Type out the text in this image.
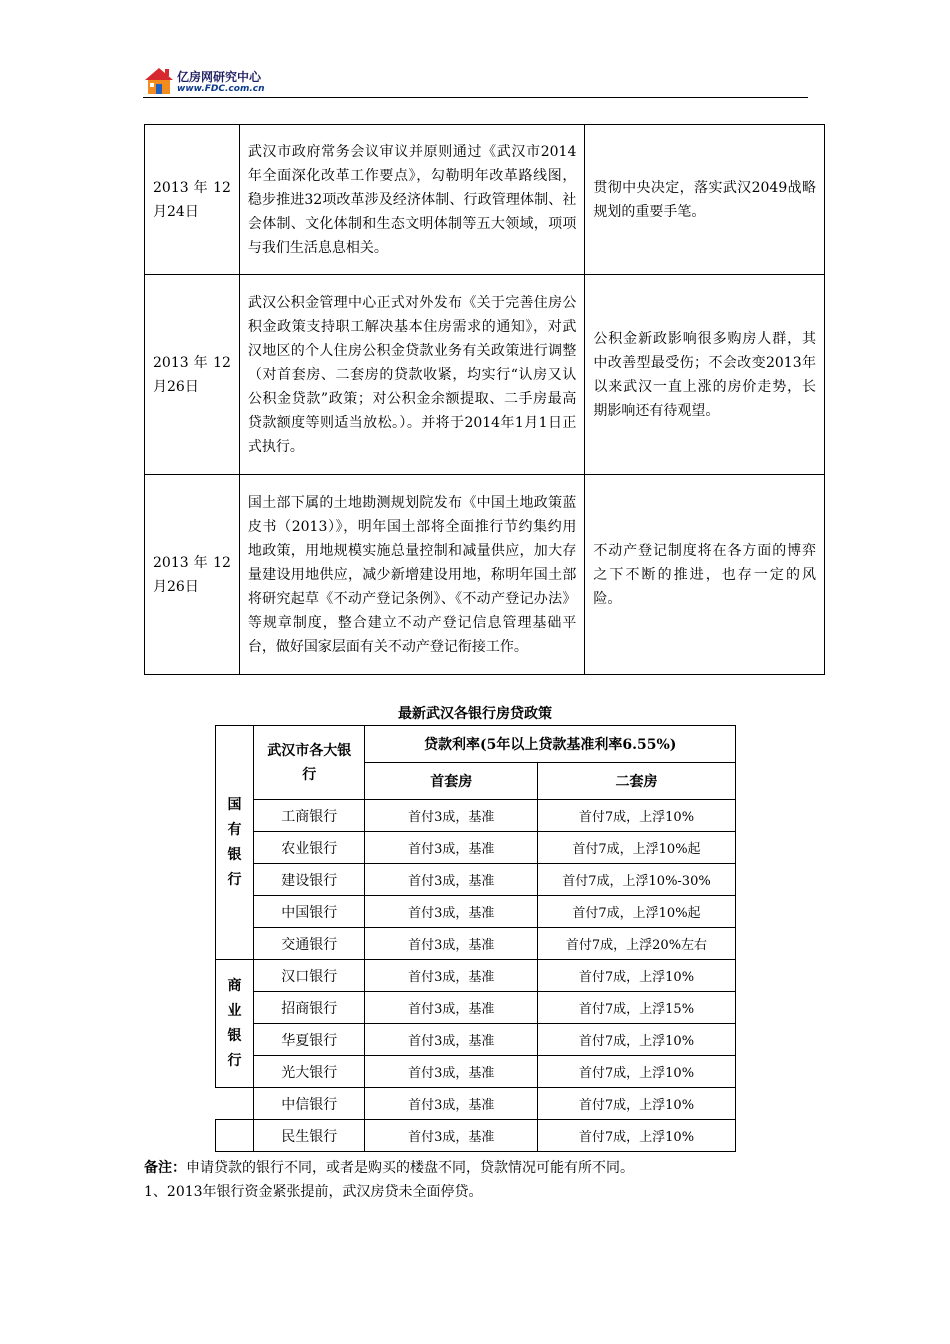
亿房网研究中心
www.FDC.com.cn
2013 年 12 月24日	武汉市政府常务会议审议并原则通过《武汉市2014年全面深化改革工作要点》，勾勒明年改革路线图，稳步推进32项改革涉及经济体制、行政管理体制、社会体制、文化体制和生态文明体制等五大领域，项项与我们生活息息相关。	贯彻中央决定，落实武汉2049战略规划的重要手笔。
2013 年 12 月26日	武汉公积金管理中心正式对外发布《关于完善住房公积金政策支持职工解决基本住房需求的通知》，对武汉地区的个人住房公积金贷款业务有关政策进行调整（对首套房、二套房的贷款收紧，均实行“认房又认公积金贷款”政策；对公积金余额提取、二手房最高贷款额度等则适当放松。）。并将于2014年1月1日正式执行。	公积金新政影响很多购房人群，其中改善型最受伤；不会改变2013年以来武汉一直上涨的房价走势，长期影响还有待观望。
2013 年 12 月26日	国土部下属的土地勘测规划院发布《中国土地政策蓝皮书（2013）》，明年国土部将全面推行节约集约用地政策，用地规模实施总量控制和减量供应，加大存量建设用地供应，减少新增建设用地，称明年国土部将研究起草《不动产登记条例》、《不动产登记办法》等规章制度，整合建立不动产登记信息管理基础平台，做好国家层面有关不动产登记衔接工作。	不动产登记制度将在各方面的博弈之下不断的推进，也存一定的风险。
最新武汉各银行房贷政策
国有银行	武汉市各大银行	贷款利率(5年以上贷款基准利率6.55%)	
		首套房	二套房
	工商银行	首付3成，基准	首付7成，上浮10%
	农业银行	首付3成，基准	首付7成，上浮10%起
	建设银行	首付3成，基准	首付7成，上浮10%-30%
	中国银行	首付3成，基准	首付7成，上浮10%起
	交通银行	首付3成，基准	首付7成，上浮20%左右
商业银行	汉口银行	首付3成，基准	首付7成，上浮10%
	招商银行	首付3成，基准	首付7成，上浮15%
	华夏银行	首付3成，基准	首付7成，上浮10%
	光大银行	首付3成，基准	首付7成，上浮10%
	中信银行	首付3成，基准	首付7成，上浮10%
	民生银行	首付3成，基准	首付7成，上浮10%
备注：申请贷款的银行不同，或者是购买的楼盘不同，贷款情况可能有所不同。
1、2013年银行资金紧张提前，武汉房贷未全面停贷。
